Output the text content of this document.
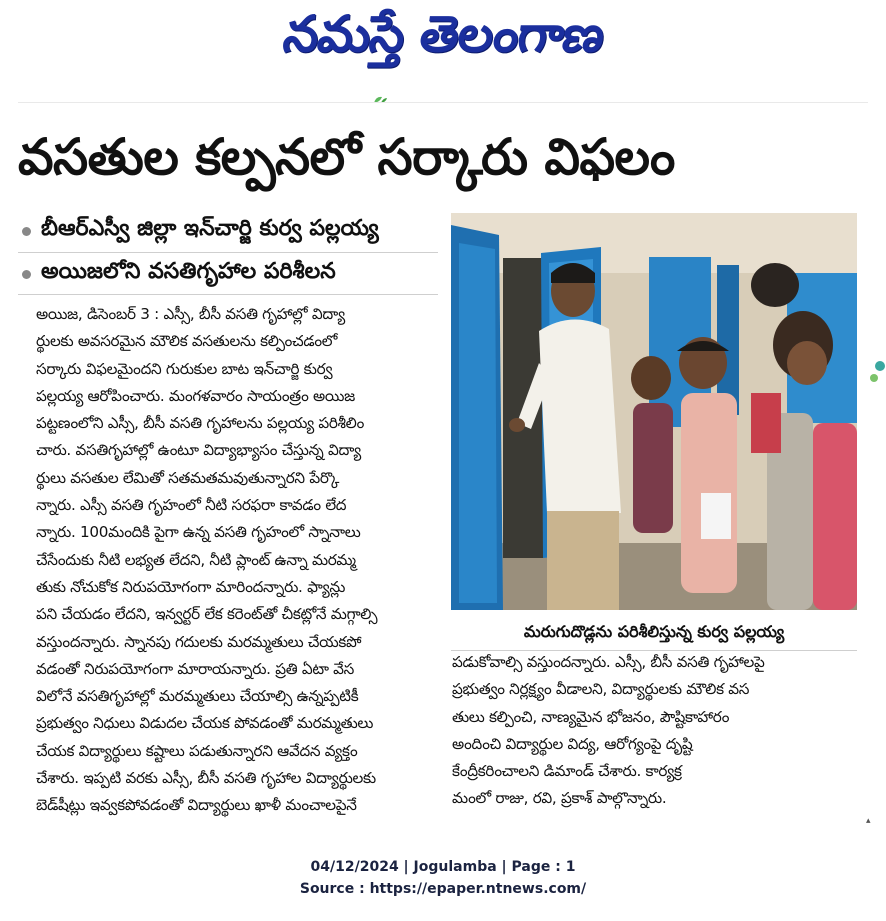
నమస్తే తెలంగాణ
వసతుల కల్పనలో సర్కారు విఫలం
బీఆర్ఎస్వీ జిల్లా ఇన్‌చార్జి కుర్వ పల్లయ్య
అయిజలోని వసతిగృహాల పరిశీలన
అయిజ, డిసెంబర్ 3 : ఎస్సీ, బీసీ వసతి గృహాల్లో విద్యా
ర్థులకు అవసరమైన మౌలిక వసతులను కల్పించడంలో
సర్కారు విఫలమైందని గురుకుల బాట ఇన్‌చార్జి కుర్వ
పల్లయ్య ఆరోపించారు. మంగళవారం సాయంత్రం అయిజ
పట్టణంలోని ఎస్సీ, బీసీ వసతి గృహాలను పల్లయ్య పరిశీలిం
చారు. వసతిగృహాల్లో ఉంటూ విద్యాభ్యాసం చేస్తున్న విద్యా
ర్థులు వసతుల లేమితో సతమతమవుతున్నారని పేర్కొ
న్నారు. ఎస్సీ వసతి గృహంలో నీటి సరఫరా కావడం లేద
న్నారు. 100మందికి పైగా ఉన్న వసతి గృహంలో స్నానాలు
చేసేందుకు నీటి లభ్యత లేదని, నీటి ప్లాంట్ ఉన్నా మరమ్మ
తుకు నోచుకోక నిరుపయోగంగా మారిందన్నారు. ఫ్యాన్లు
పని చేయడం లేదని, ఇన్వర్టర్ లేక కరెంట్‌తో చీకట్లోనే మగ్గాల్సి
వస్తుందన్నారు. స్నానపు గదులకు మరమ్మతులు చేయకపో
వడంతో నిరుపయోగంగా మారాయన్నారు. ప్రతి ఏటా వేస
విలోనే వసతిగృహాల్లో మరమ్మతులు చేయాల్సి ఉన్నప్పటికీ
ప్రభుత్వం నిధులు విడుదల చేయక పోవడంతో మరమ్మతులు
చేయక విద్యార్థులు కష్టాలు పడుతున్నారని ఆవేదన వ్యక్తం
చేశారు. ఇప్పటి వరకు ఎస్సీ, బీసీ వసతి గృహాల విద్యార్థులకు
బెడ్‌షీట్లు ఇవ్వకపోవడంతో విద్యార్థులు ఖాళీ మంచాలపైనే
మరుగుదొడ్లను పరిశీలిస్తున్న కుర్వ పల్లయ్య
పడుకోవాల్సి వస్తుందన్నారు. ఎస్సీ, బీసీ వసతి గృహాలపై
ప్రభుత్వం నిర్లక్ష్యం వీడాలని, విద్యార్థులకు మౌలిక వస
తులు కల్పించి, నాణ్యమైన భోజనం, పౌష్టికాహారం
అందించి విద్యార్థుల విద్య, ఆరోగ్యంపై దృష్టి
కేంద్రీకరించాలని డిమాండ్ చేశారు. కార్యక్ర
మంలో రాజు, రవి, ప్రకాశ్ పాల్గొన్నారు.
▴
04/12/2024 | Jogulamba | Page : 1
Source : https://epaper.ntnews.com/
